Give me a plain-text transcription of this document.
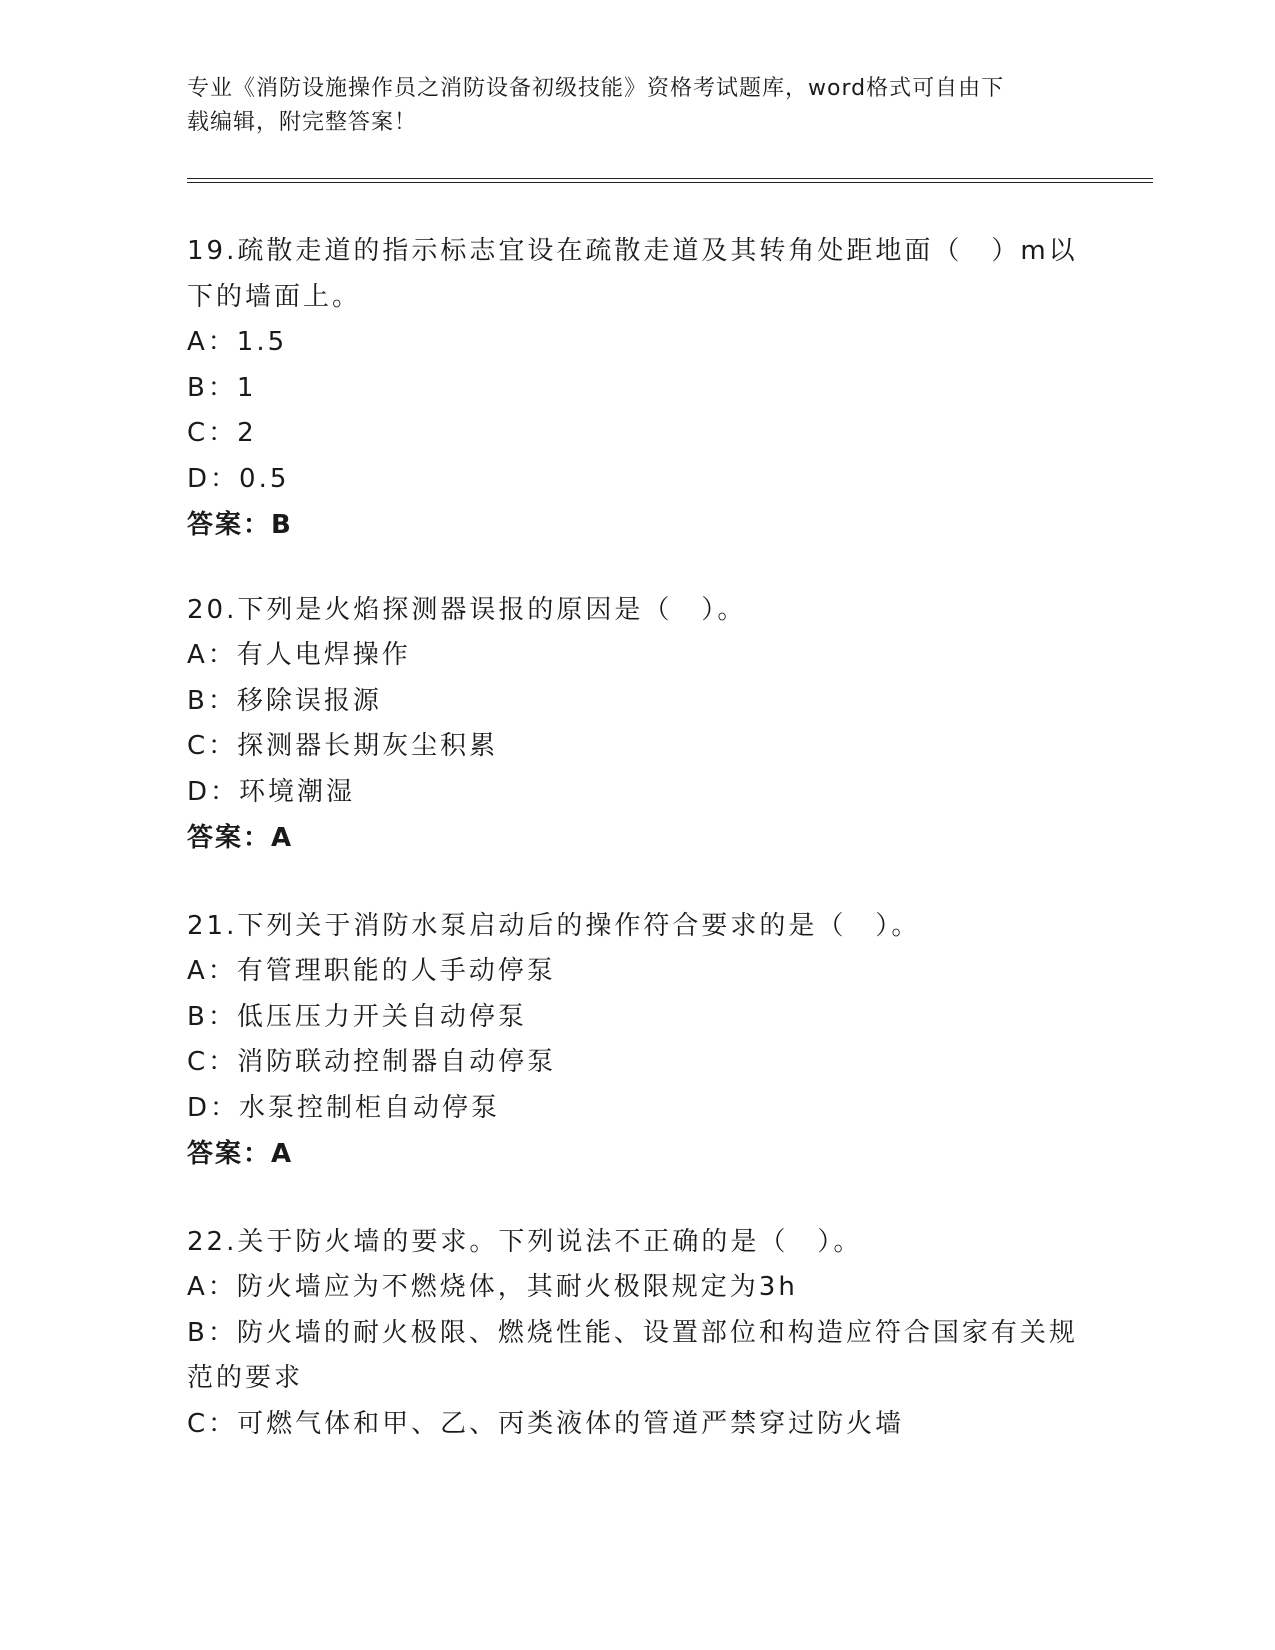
专业《消防设施操作员之消防设备初级技能》资格考试题库，word格式可自由下
载编辑，附完整答案！

19.疏散走道的指示标志宜设在疏散走道及其转角处距地面（　）m以

下的墙面上。

A：1.5

B：1

C：2

D：0.5

答案：B

20.下列是火焰探测器误报的原因是（　）。

A：有人电焊操作

B：移除误报源

C：探测器长期灰尘积累

D：环境潮湿

答案：A

21.下列关于消防水泵启动后的操作符合要求的是（　）。

A：有管理职能的人手动停泵

B：低压压力开关自动停泵

C：消防联动控制器自动停泵

D：水泵控制柜自动停泵

答案：A

22.关于防火墙的要求。下列说法不正确的是（　）。

A：防火墙应为不燃烧体，其耐火极限规定为3h

B：防火墙的耐火极限、燃烧性能、设置部位和构造应符合国家有关规

范的要求

C：可燃气体和甲、乙、丙类液体的管道严禁穿过防火墙
